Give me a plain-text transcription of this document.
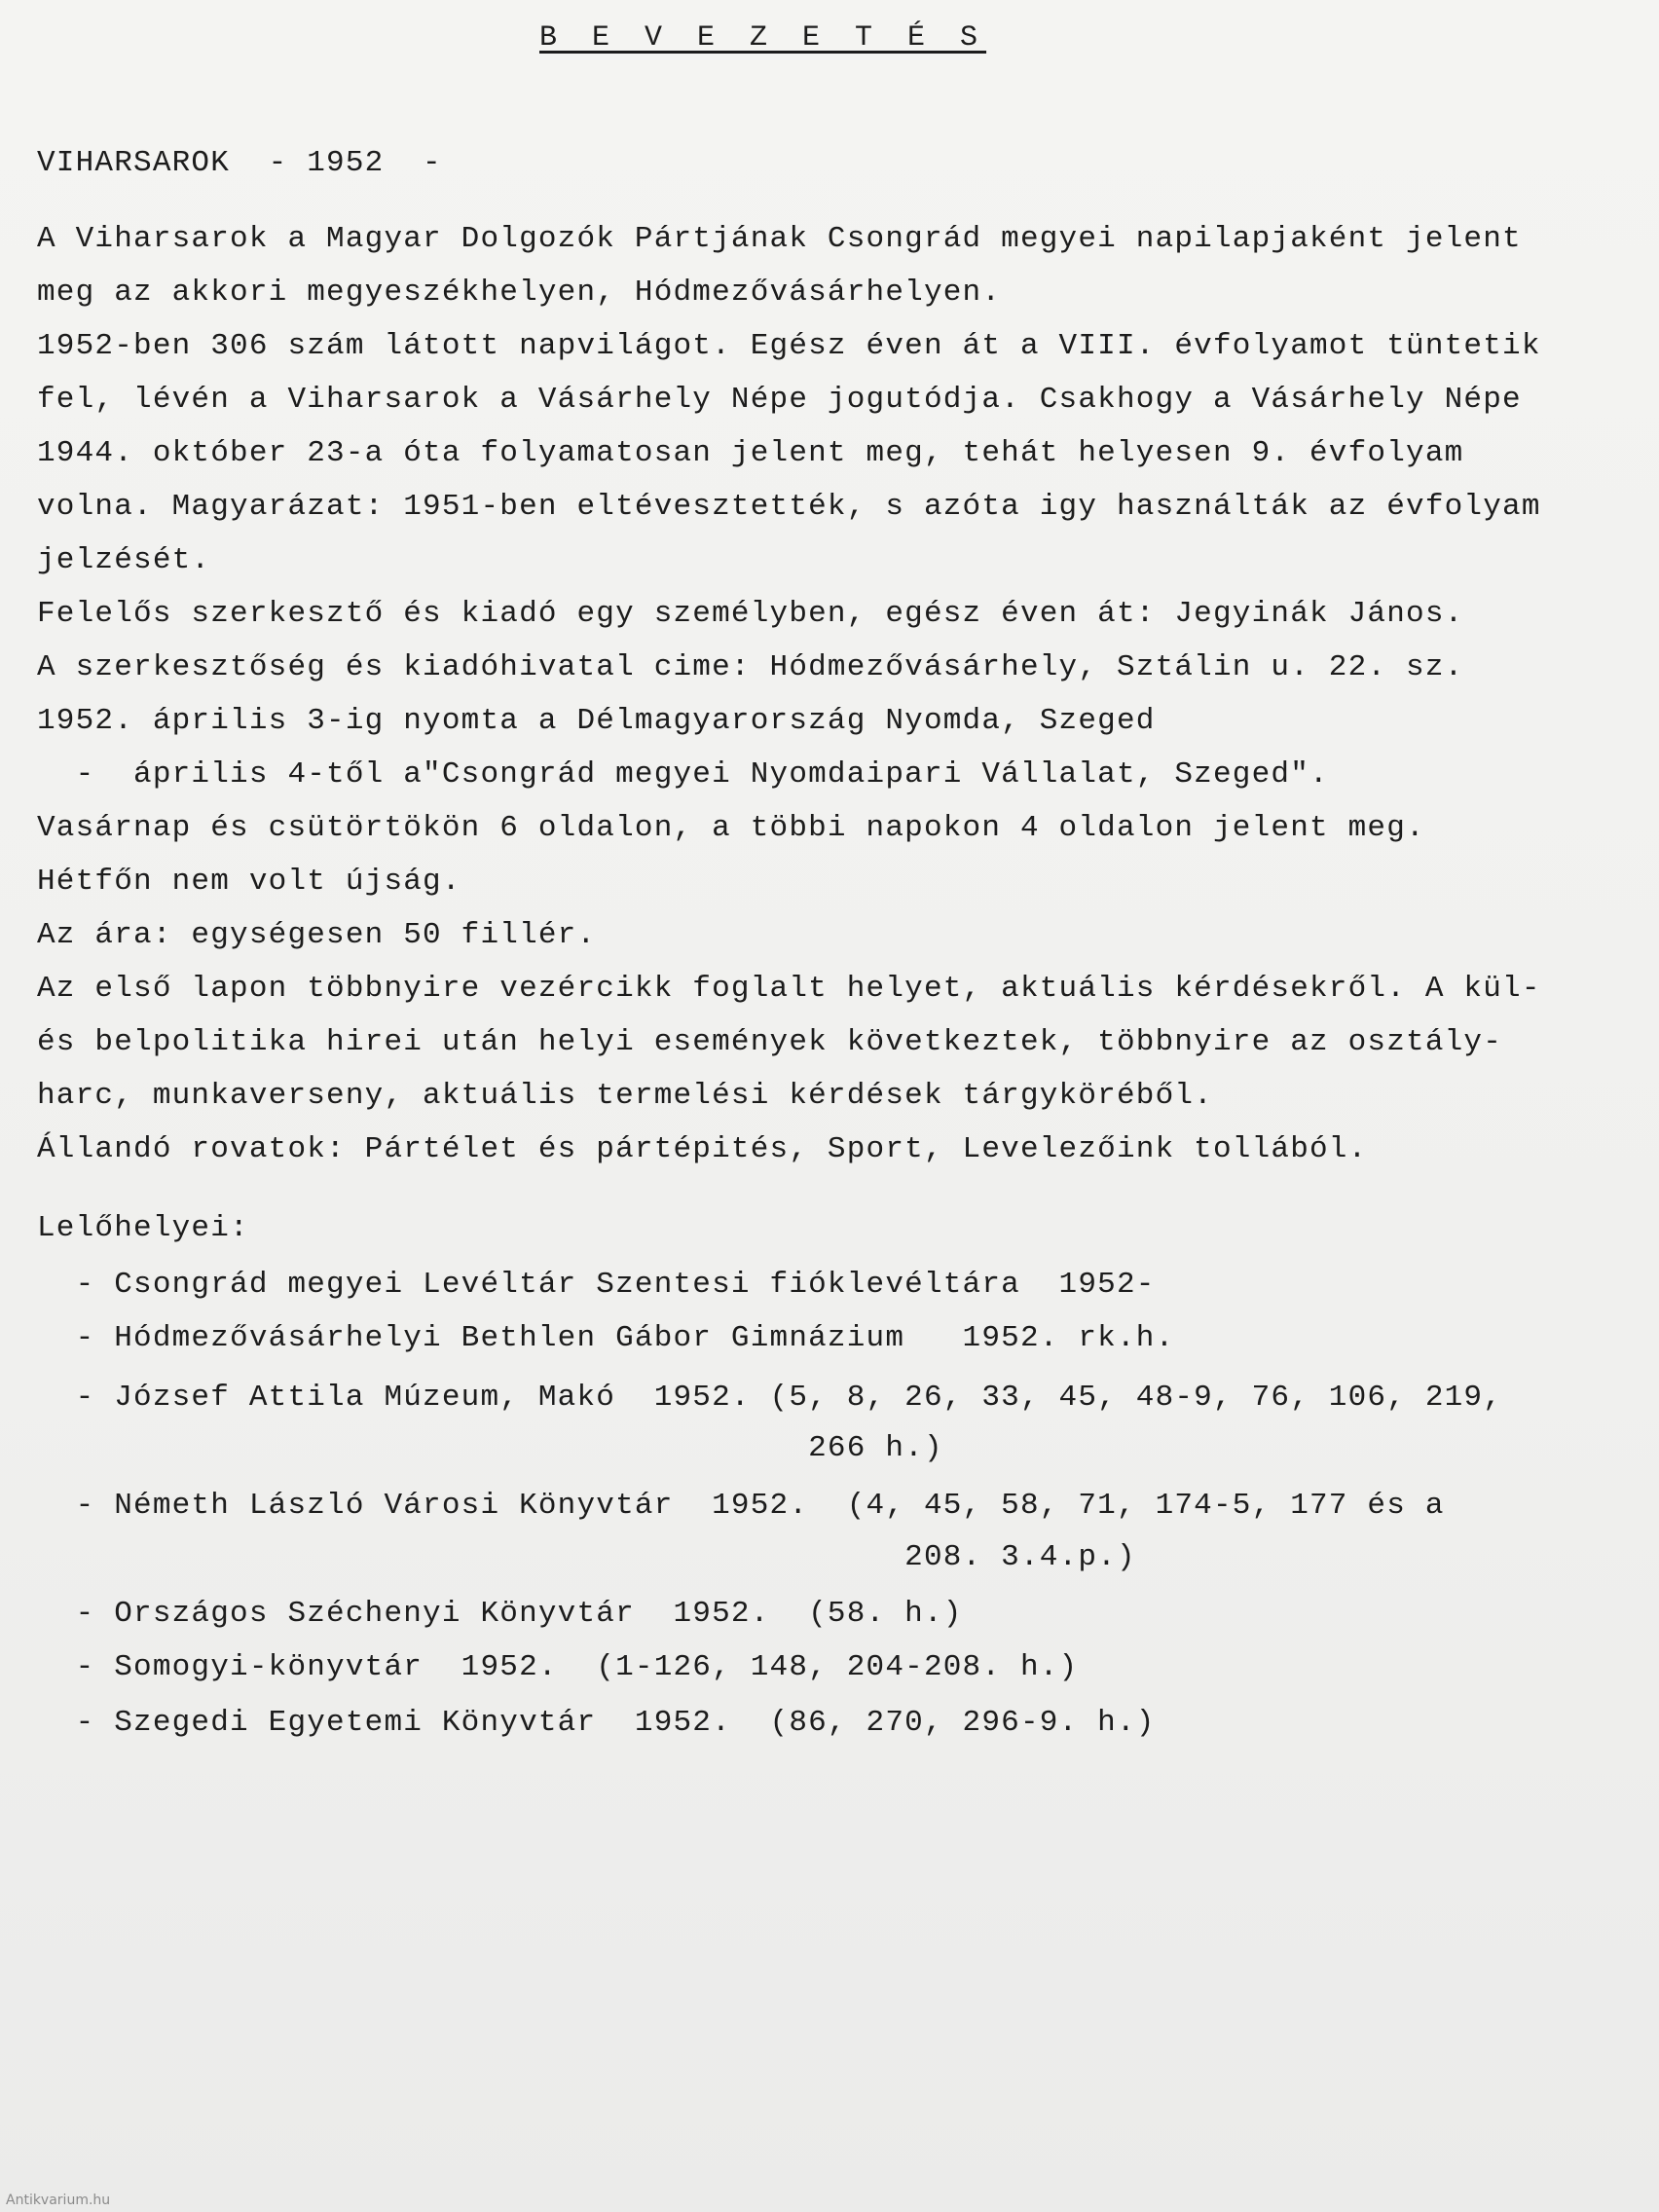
B E V E Z E T É S
VIHARSAROK  - 1952  -
A Viharsarok a Magyar Dolgozók Pártjának Csongrád megyei napilapjaként jelent
meg az akkori megyeszékhelyen, Hódmezővásárhelyen.
1952-ben 306 szám látott napvilágot. Egész éven át a VIII. évfolyamot tüntetik
fel, lévén a Viharsarok a Vásárhely Népe jogutódja. Csakhogy a Vásárhely Népe
1944. október 23-a óta folyamatosan jelent meg, tehát helyesen 9. évfolyam
volna. Magyarázat: 1951-ben eltévesztették, s azóta igy használták az évfolyam
jelzését.
Felelős szerkesztő és kiadó egy személyben, egész éven át: Jegyinák János.
A szerkesztőség és kiadóhivatal cime: Hódmezővásárhely, Sztálin u. 22. sz.
1952. április 3-ig nyomta a Délmagyarország Nyomda, Szeged
-  április 4-től a"Csongrád megyei Nyomdaipari Vállalat, Szeged".
Vasárnap és csütörtökön 6 oldalon, a többi napokon 4 oldalon jelent meg.
Hétfőn nem volt újság.
Az ára: egységesen 50 fillér.
Az első lapon többnyire vezércikk foglalt helyet, aktuális kérdésekről. A kül-
és belpolitika hirei után helyi események következtek, többnyire az osztály-
harc, munkaverseny, aktuális termelési kérdések tárgyköréből.
Állandó rovatok: Pártélet és pártépités, Sport, Levelezőink tollából.
Lelőhelyei:
- Csongrád megyei Levéltár Szentesi fióklevéltára  1952-
- Hódmezővásárhelyi Bethlen Gábor Gimnázium   1952. rk.h.
- József Attila Múzeum, Makó  1952. (5, 8, 26, 33, 45, 48-9, 76, 106, 219,
266 h.)
- Németh László Városi Könyvtár  1952.  (4, 45, 58, 71, 174-5, 177 és a
208. 3.4.p.)
- Országos Széchenyi Könyvtár  1952.  (58. h.)
- Somogyi-könyvtár  1952.  (1-126, 148, 204-208. h.)
- Szegedi Egyetemi Könyvtár  1952.  (86, 270, 296-9. h.)
Antikvarium.hu
